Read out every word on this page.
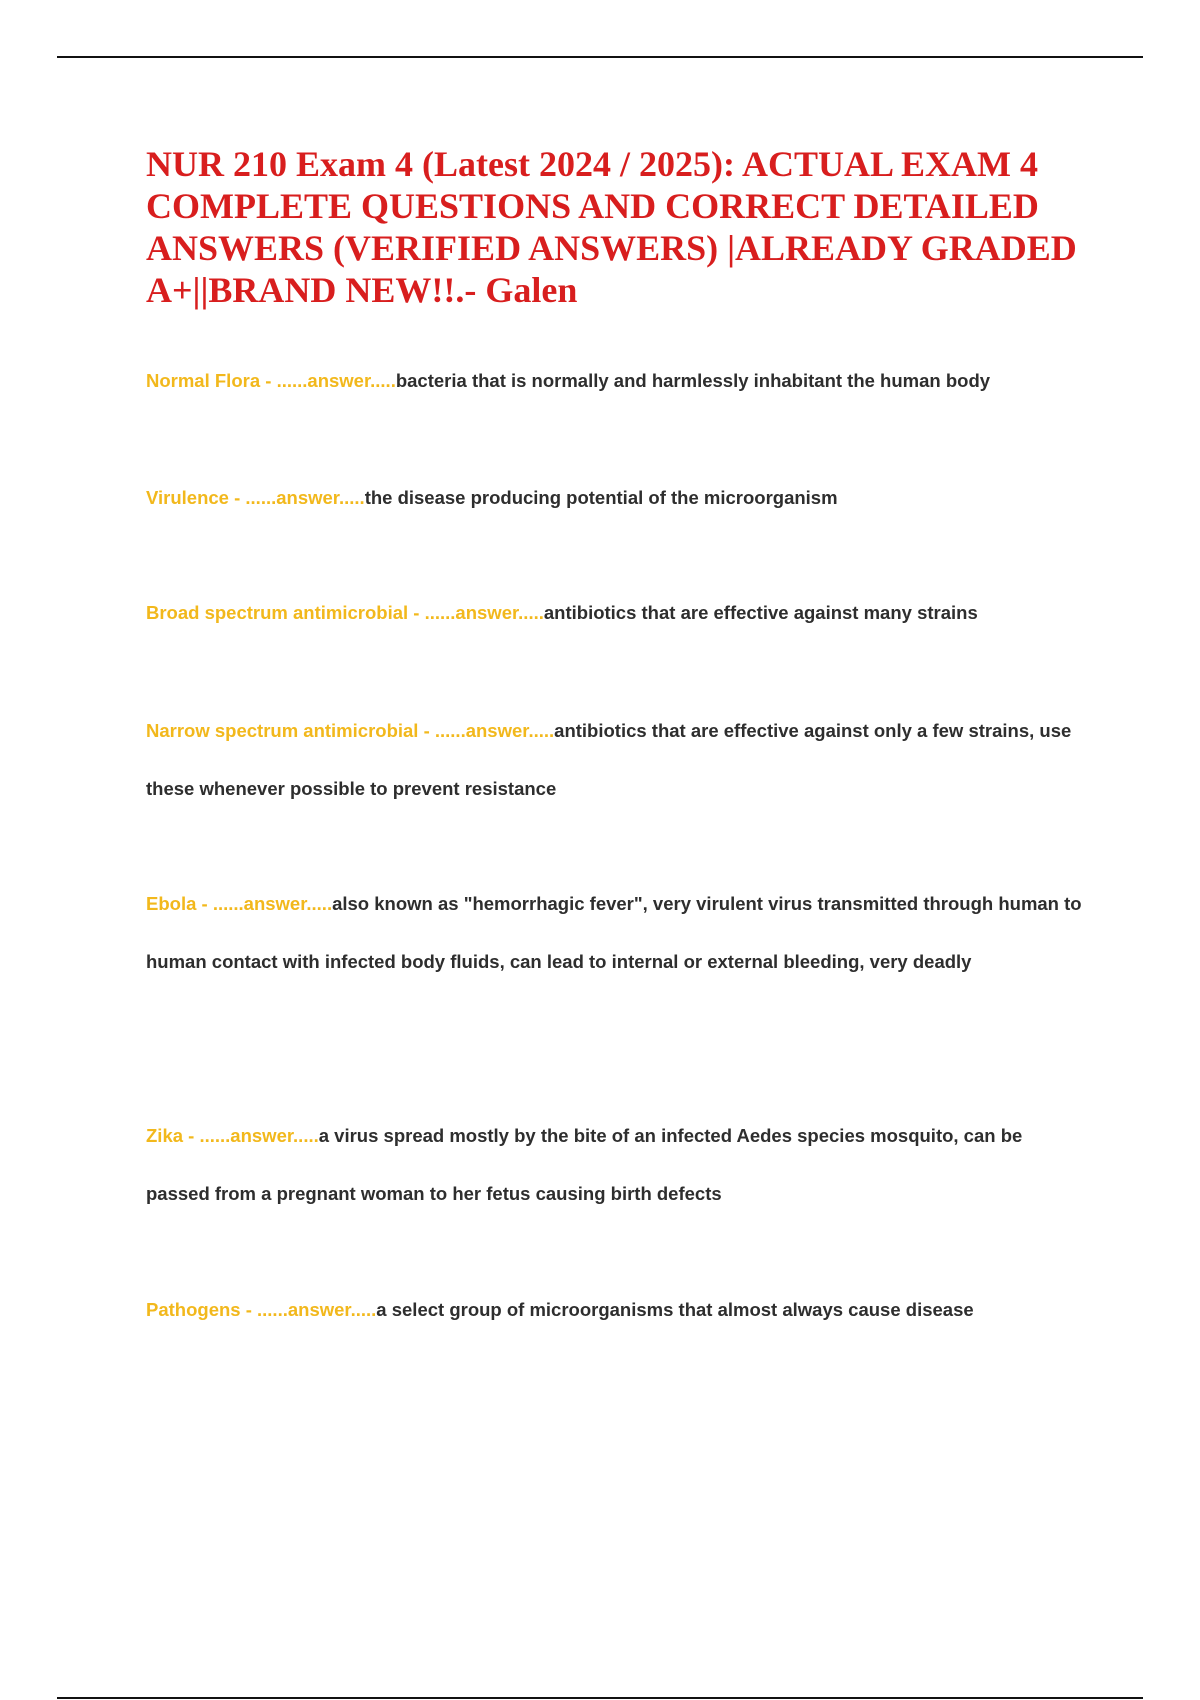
NUR 210 Exam 4 (Latest 2024 / 2025): ACTUAL EXAM 4 COMPLETE QUESTIONS AND CORRECT DETAILED ANSWERS (VERIFIED ANSWERS) |ALREADY GRADED A+||BRAND NEW!!.- Galen
Normal Flora - ......answer.....bacteria that is normally and harmlessly inhabitant the human body
Virulence - ......answer.....the disease producing potential of the microorganism
Broad spectrum antimicrobial - ......answer.....antibiotics that are effective against many strains
Narrow spectrum antimicrobial - ......answer.....antibiotics that are effective against only a few strains, use these whenever possible to prevent resistance
Ebola - ......answer.....also known as "hemorrhagic fever", very virulent virus transmitted through human to human contact with infected body fluids, can lead to internal or external bleeding, very deadly
Zika - ......answer.....a virus spread mostly by the bite of an infected Aedes species mosquito, can be passed from a pregnant woman to her fetus causing birth defects
Pathogens - ......answer.....a select group of microorganisms that almost always cause disease
